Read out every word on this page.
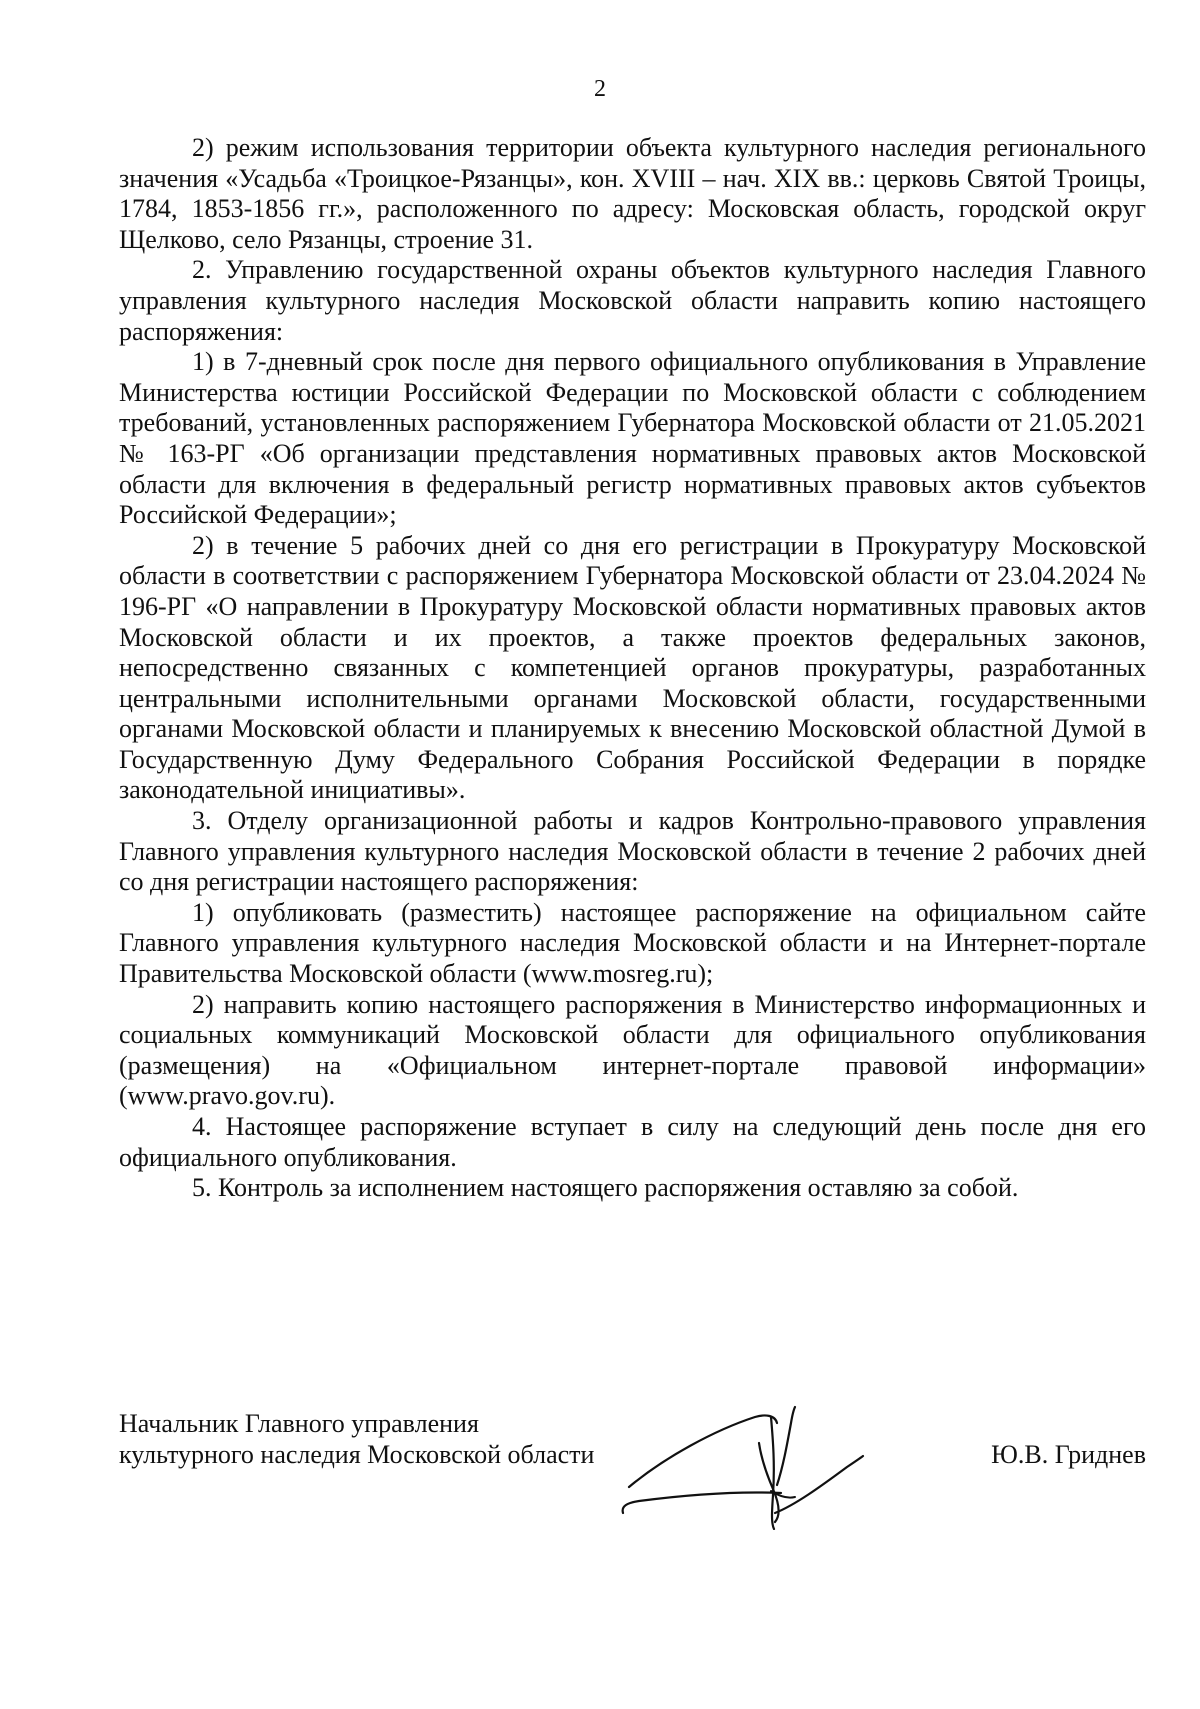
2

2) режим использования территории объекта культурного наследия регионального значения «Усадьба «Троицкое-Рязанцы», кон. XVIII – нач. XIX вв.: церковь Святой Троицы, 1784, 1853-1856 гг.», расположенного по адресу: Московская область, городской округ Щелково, село Рязанцы, строение 31.

2. Управлению государственной охраны объектов культурного наследия Главного управления культурного наследия Московской области направить копию настоящего распоряжения:

1) в 7-дневный срок после дня первого официального опубликования в Управление Министерства юстиции Российской Федерации по Московской области с соблюдением требований, установленных распоряжением Губернатора Московской области от 21.05.2021 № 163-РГ «Об организации представления нормативных правовых актов Московской области для включения в федеральный регистр нормативных правовых актов субъектов Российской Федерации»;

2) в течение 5 рабочих дней со дня его регистрации в Прокуратуру Московской области в соответствии с распоряжением Губернатора Московской области от 23.04.2024 № 196-РГ «О направлении в Прокуратуру Московской области нормативных правовых актов Московской области и их проектов, а также проектов федеральных законов, непосредственно связанных с компетенцией органов прокуратуры, разработанных центральными исполнительными органами Московской области, государственными органами Московской области и планируемых к внесению Московской областной Думой в Государственную Думу Федерального Собрания Российской Федерации в порядке законодательной инициативы».

3. Отделу организационной работы и кадров Контрольно-правового управления Главного управления культурного наследия Московской области в течение 2 рабочих дней со дня регистрации настоящего распоряжения:

1) опубликовать (разместить) настоящее распоряжение на официальном сайте Главного управления культурного наследия Московской области и на Интернет-портале Правительства Московской области (www.mosreg.ru);

2) направить копию настоящего распоряжения в Министерство информационных и социальных коммуникаций Московской области для официального опубликования (размещения) на «Официальном интернет-портале правовой информации» (www.pravo.gov.ru).

4. Настоящее распоряжение вступает в силу на следующий день после дня его официального опубликования.

5. Контроль за исполнением настоящего распоряжения оставляю за собой.

Начальник Главного управления
культурного наследия Московской области	Ю.В. Гриднев
